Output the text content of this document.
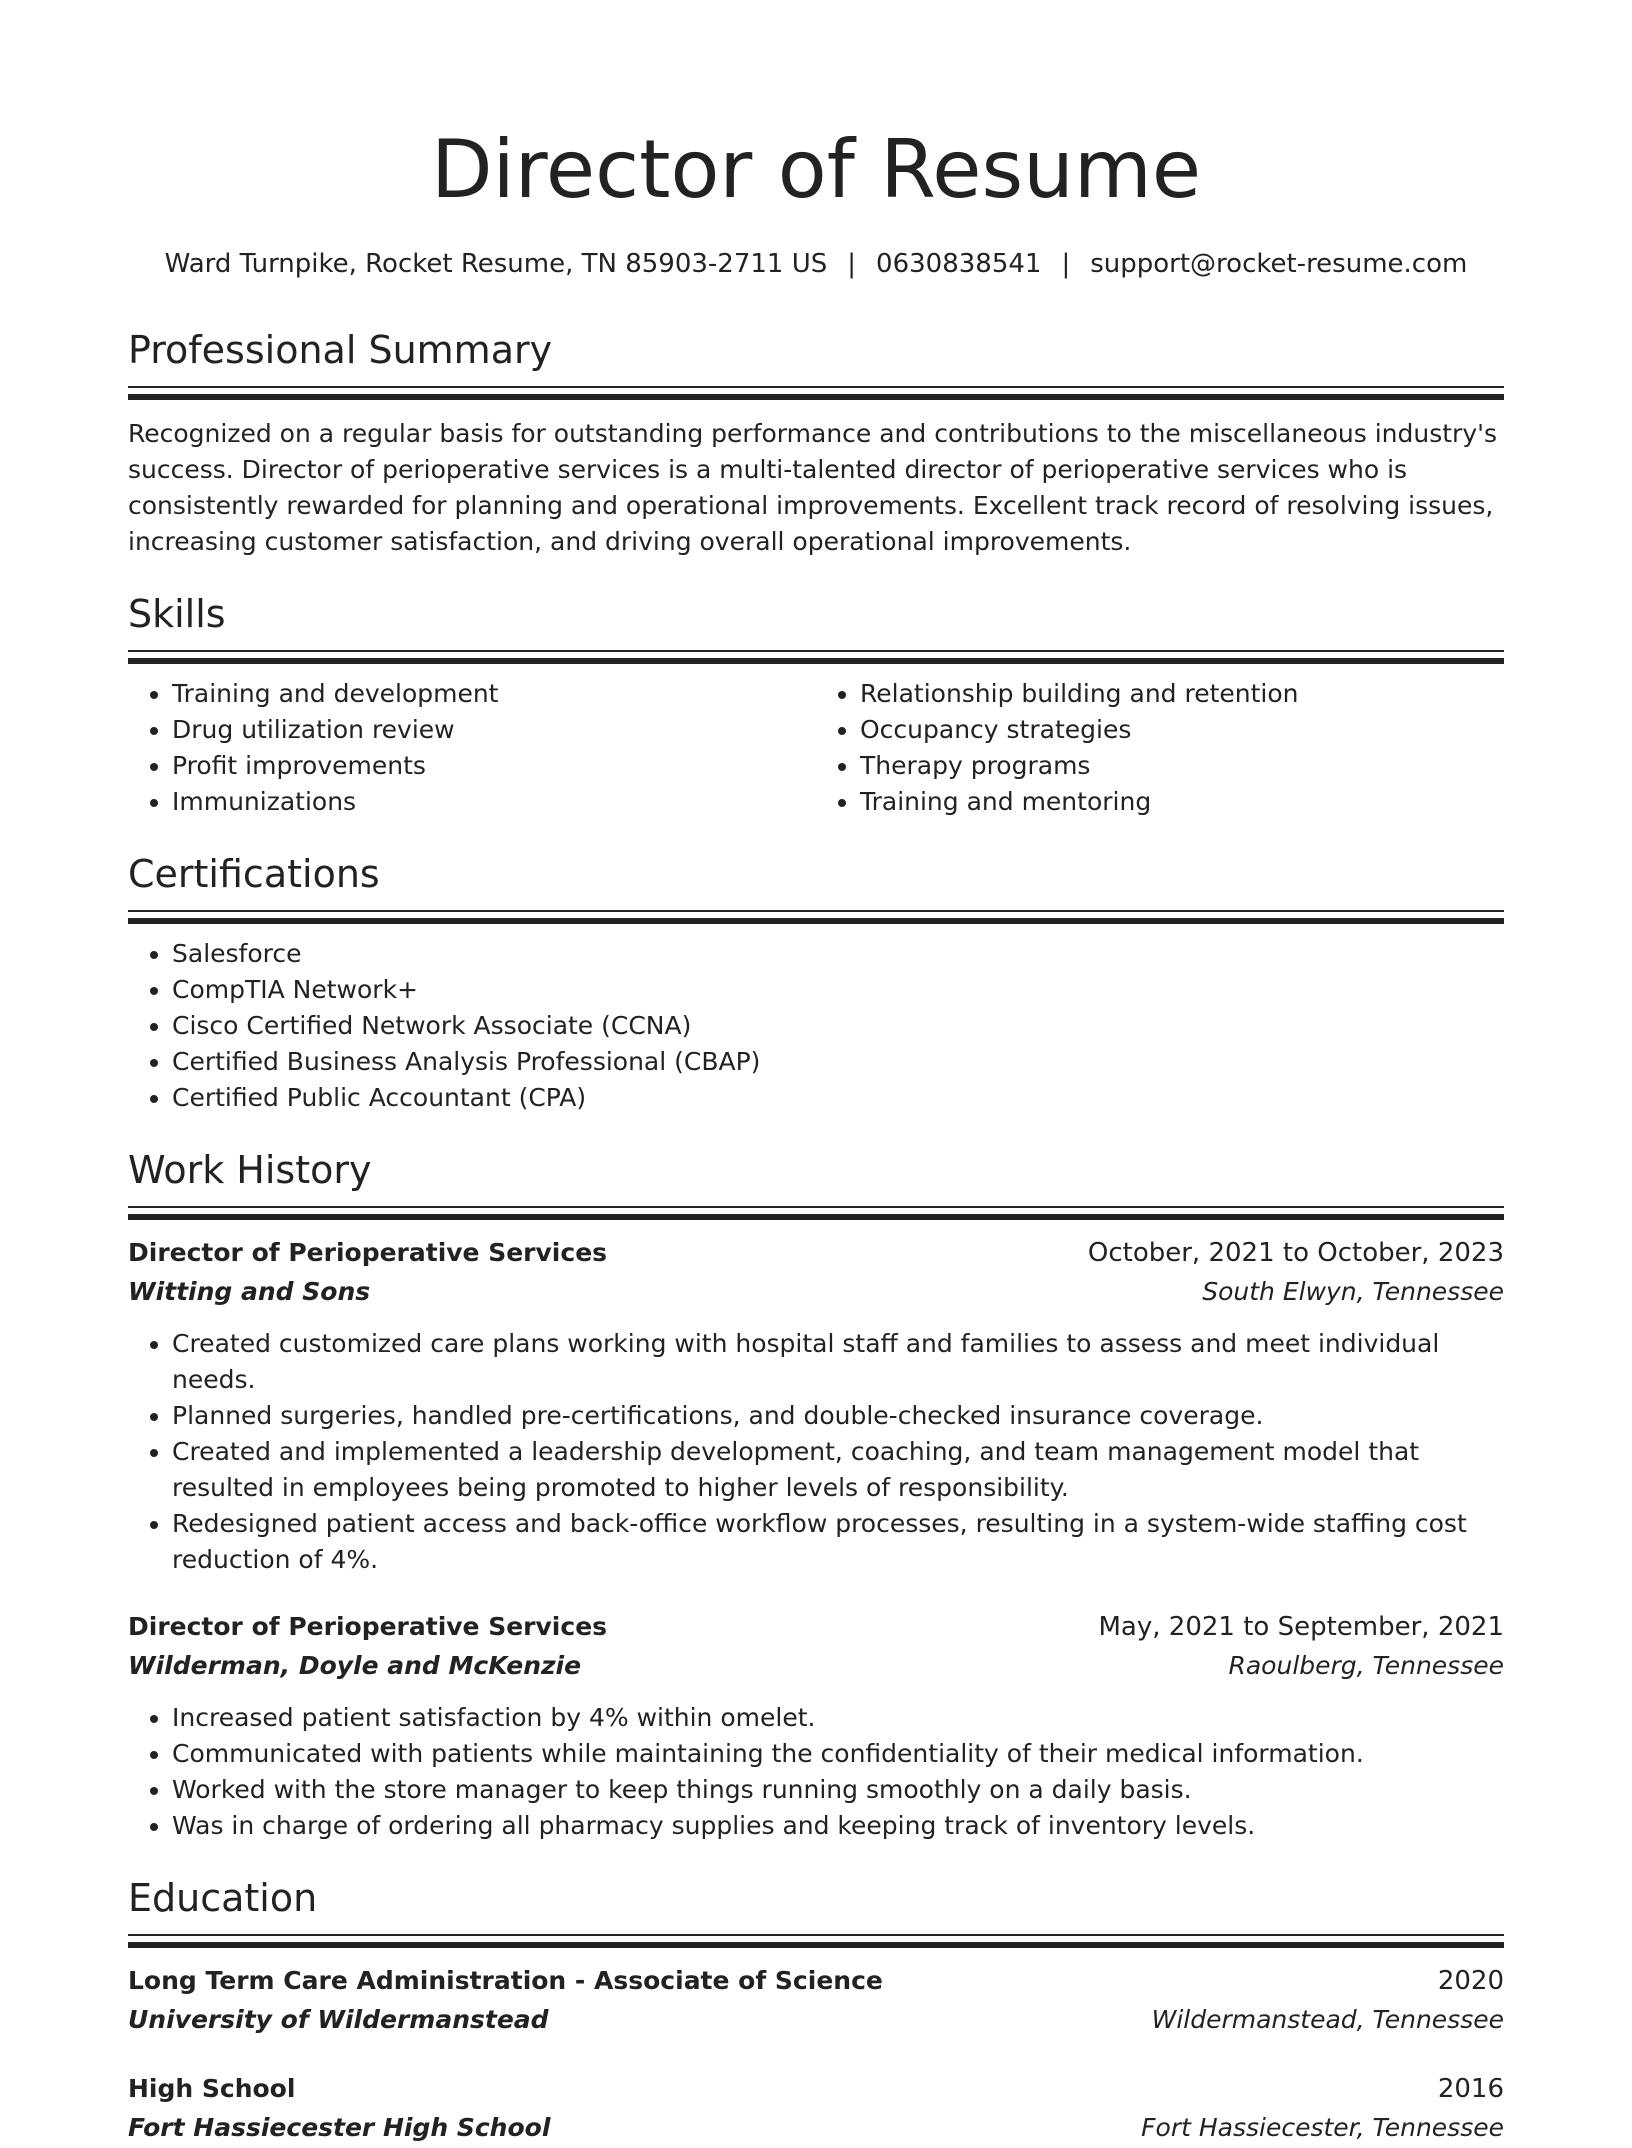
Director of Resume
Ward Turnpike, Rocket Resume, TN 85903-2711 US | 0630838541 | support@rocket-resume.com
Professional Summary
Recognized on a regular basis for outstanding performance and contributions to the miscellaneous industry's success. Director of perioperative services is a multi-talented director of perioperative services who is consistently rewarded for planning and operational improvements. Excellent track record of resolving issues, increasing customer satisfaction, and driving overall operational improvements.
Skills
• Training and development
• Drug utilization review
• Profit improvements
• Immunizations
• Relationship building and retention
• Occupancy strategies
• Therapy programs
• Training and mentoring
Certifications
• Salesforce
• CompTIA Network+
• Cisco Certified Network Associate (CCNA)
• Certified Business Analysis Professional (CBAP)
• Certified Public Accountant (CPA)
Work History
Director of Perioperative Services	October, 2021 to October, 2023
Witting and Sons	South Elwyn, Tennessee
• Created customized care plans working with hospital staff and families to assess and meet individual needs.
• Planned surgeries, handled pre-certifications, and double-checked insurance coverage.
• Created and implemented a leadership development, coaching, and team management model that resulted in employees being promoted to higher levels of responsibility.
• Redesigned patient access and back-office workflow processes, resulting in a system-wide staffing cost reduction of 4%.
Director of Perioperative Services	May, 2021 to September, 2021
Wilderman, Doyle and McKenzie	Raoulberg, Tennessee
• Increased patient satisfaction by 4% within omelet.
• Communicated with patients while maintaining the confidentiality of their medical information.
• Worked with the store manager to keep things running smoothly on a daily basis.
• Was in charge of ordering all pharmacy supplies and keeping track of inventory levels.
Education
Long Term Care Administration - Associate of Science	2020
University of Wildermanstead	Wildermanstead, Tennessee
High School	2016
Fort Hassiecester High School	Fort Hassiecester, Tennessee
